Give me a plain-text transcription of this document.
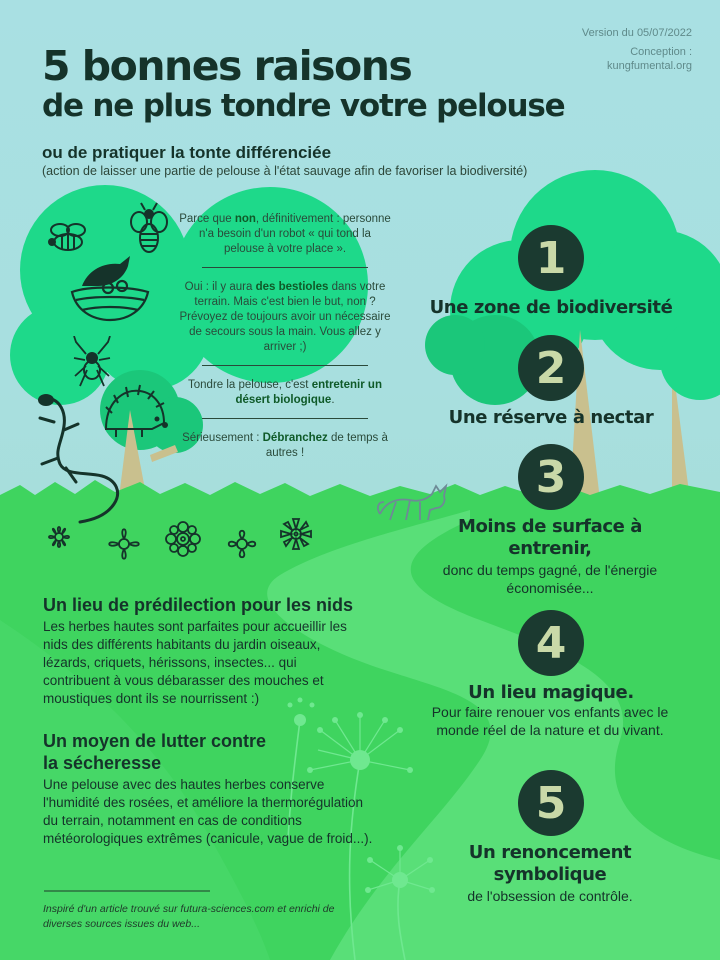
Version du 05/07/2022
Conception :
kungfumental.org
5 bonnes raisons
de ne plus tondre votre pelouse
ou de pratiquer la tonte différenciée
(action de laisser une partie de pelouse à l'état sauvage afin de favoriser la biodiversité)

Parce que non, définitivement : personne n'a besoin d'un robot « qui tond la pelouse à votre place ».

Oui : il y aura des bestioles dans votre terrain. Mais c'est bien le but, non ? Prévoyez de toujours avoir un nécessaire de secours sous la main. Vous allez y arriver ;)

Tondre la pelouse, c'est entretenir un désert biologique.

Sérieusement : Débranchez de temps à autres !

1
Une zone de biodiversité
2
Une réserve à nectar
3
Moins de surface à entrenir,
donc du temps gagné, de l'énergie économisée...
4
Un lieu magique.
Pour faire renouer vos enfants avec le monde réel de la nature et du vivant.
5
Un renoncement symbolique
de l'obsession de contrôle.
Un lieu de prédilection pour les nids
Les herbes hautes sont parfaites pour accueillir les nids des différents habitants du jardin oiseaux, lézards, criquets, hérissons, insectes... qui contribuent à vous débarasser des mouches et moustiques dont ils se nourrissent :)
Un moyen de lutter contre la sécheresse
Une pelouse avec des hautes herbes conserve l'humidité des rosées, et améliore la thermorégulation du terrain, notamment en cas de conditions météorologiques extrêmes (canicule, vague de froid...).
Inspiré d'un article trouvé sur futura-sciences.com et enrichi de diverses sources issues du web...
